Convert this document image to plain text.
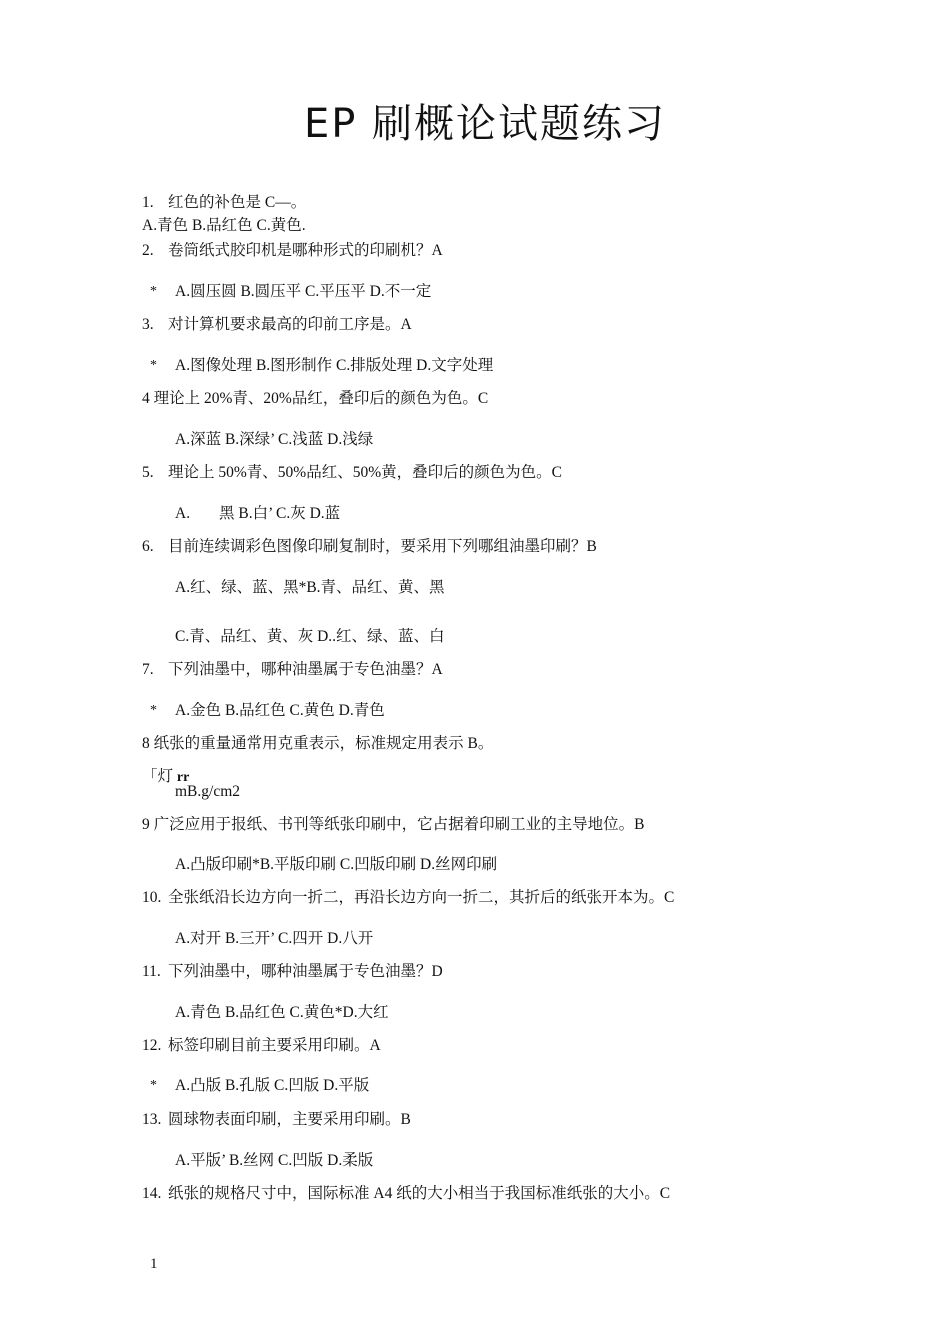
EP 刷概论试题练习
1. 红色的补色是 C—。
A.青色 B.品红色 C.黄色.
2. 卷筒纸式胶印机是哪种形式的印刷机？A
* A.圆压圆 B.圆压平 C.平压平 D.不一定
3. 对计算机要求最高的印前工序是。A
* A.图像处理 B.图形制作 C.排版处理 D.文字处理
4 理论上 20%青、20%品红，叠印后的颜色为色。C
A.深蓝 B.深绿’ C.浅蓝 D.浅绿
5. 理论上 50%青、50%品红、50%黄，叠印后的颜色为色。C
A. 黑 B.白’ C.灰 D.蓝
6. 目前连续调彩色图像印刷复制时，要采用下列哪组油墨印刷？B
A.红、绿、蓝、黑*B.青、品红、黄、黑
C.青、品红、黄、灰 D..红、绿、蓝、白
7. 下列油墨中，哪种油墨属于专色油墨？A
* A.金色 B.品红色 C.黄色 D.青色
8 纸张的重量通常用克重表示，标准规定用表示 B。
「灯 rr
mB.g/cm2
9 广泛应用于报纸、书刊等纸张印刷中，它占据着印刷工业的主导地位。B
A.凸版印刷*B.平版印刷 C.凹版印刷 D.丝网印刷
10. 全张纸沿长边方向一折二，再沿长边方向一折二，其折后的纸张开本为。C
A.对开 B.三开’ C.四开 D.八开
11. 下列油墨中，哪种油墨属于专色油墨？D
A.青色 B.品红色 C.黄色*D.大红
12. 标签印刷目前主要采用印刷。A
* A.凸版 B.孔版 C.凹版 D.平版
13. 圆球物表面印刷，主要采用印刷。B
A.平版’ B.丝网 C.凹版 D.柔版
14. 纸张的规格尺寸中，国际标准 A4 纸的大小相当于我国标准纸张的大小。C
1
